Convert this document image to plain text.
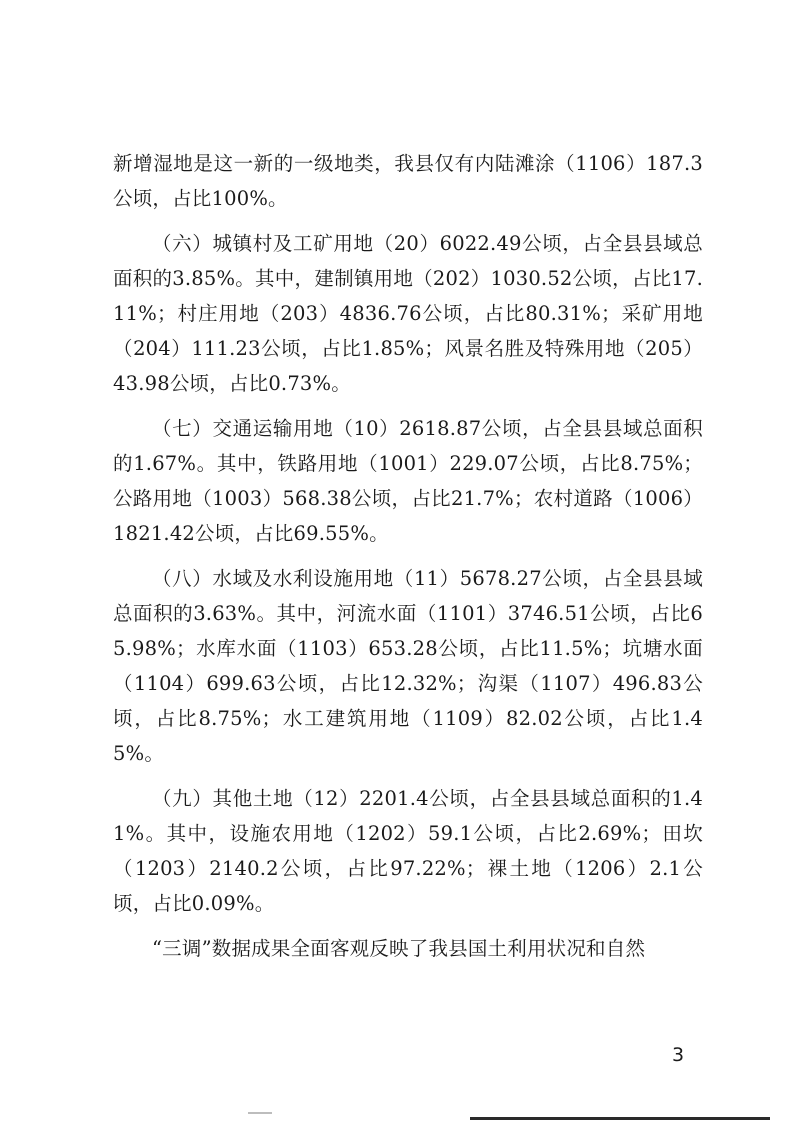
新增湿地是这一新的一级地类，我县仅有内陆滩涂（1106）187.3公顷，占比100%。

（六）城镇村及工矿用地（20）6022.49公顷，占全县县域总面积的3.85%。其中，建制镇用地（202）1030.52公顷，占比17.11%；村庄用地（203）4836.76公顷，占比80.31%；采矿用地（204）111.23公顷，占比1.85%；风景名胜及特殊用地（205）43.98公顷，占比0.73%。

（七）交通运输用地（10）2618.87公顷，占全县县域总面积的1.67%。其中，铁路用地（1001）229.07公顷，占比8.75%；公路用地（1003）568.38公顷，占比21.7%；农村道路（1006）1821.42公顷，占比69.55%。

（八）水域及水利设施用地（11）5678.27公顷，占全县县域总面积的3.63%。其中，河流水面（1101）3746.51公顷，占比65.98%；水库水面（1103）653.28公顷，占比11.5%；坑塘水面（1104）699.63公顷，占比12.32%；沟渠（1107）496.83公顷，占比8.75%；水工建筑用地（1109）82.02公顷，占比1.45%。

（九）其他土地（12）2201.4公顷，占全县县域总面积的1.41%。其中，设施农用地（1202）59.1公顷，占比2.69%；田坎（1203）2140.2公顷，占比97.22%；裸土地（1206）2.1公顷，占比0.09%。

“三调”数据成果全面客观反映了我县国土利用状况和自然

3
